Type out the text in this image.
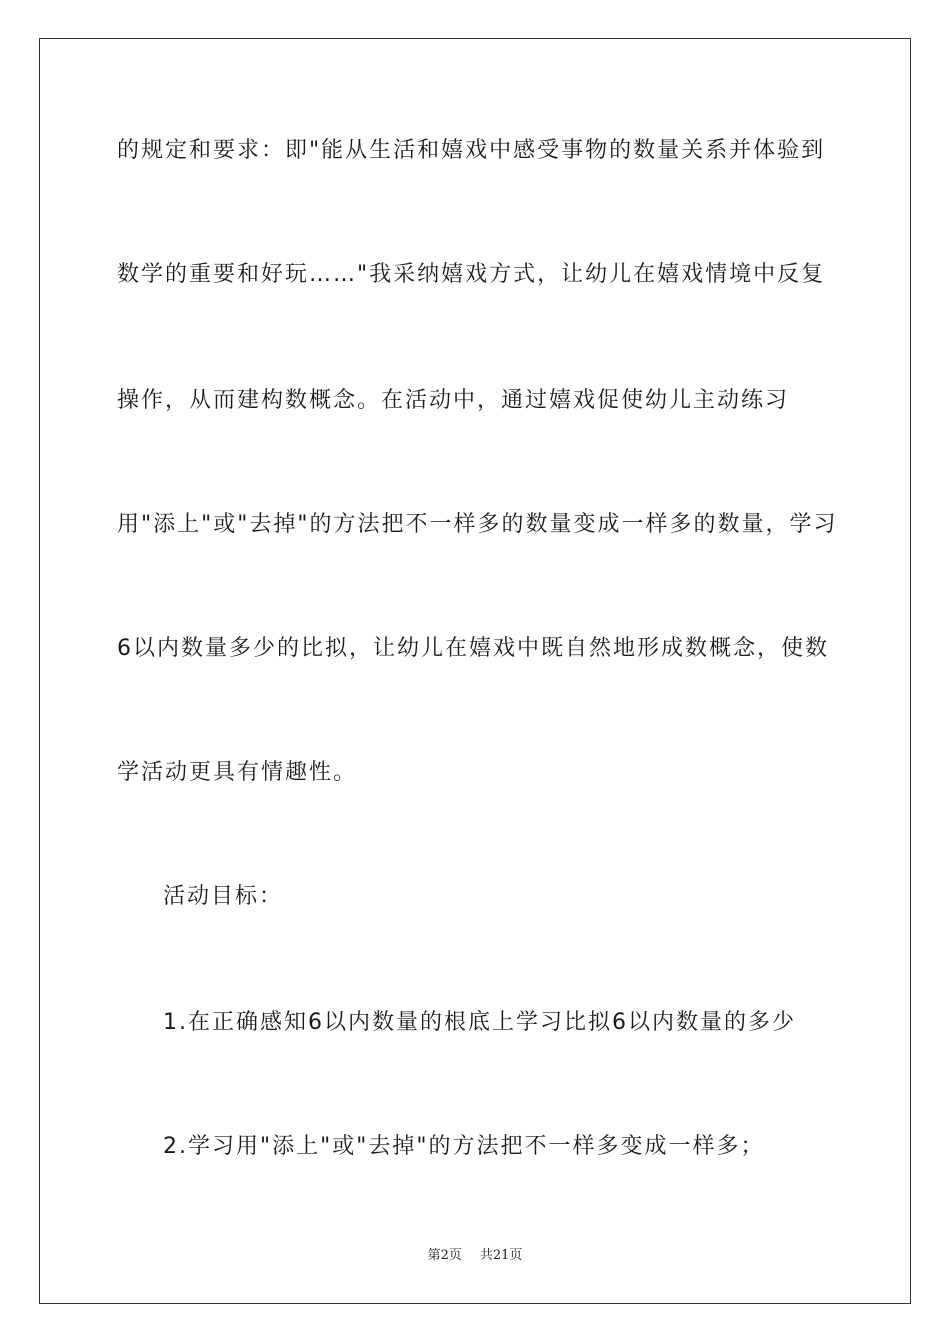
的规定和要求：即"能从生活和嬉戏中感受事物的数量关系并体验到
数学的重要和好玩……"我采纳嬉戏方式，让幼儿在嬉戏情境中反复
操作，从而建构数概念。在活动中，通过嬉戏促使幼儿主动练习
用"添上"或"去掉"的方法把不一样多的数量变成一样多的数量，学习
6以内数量多少的比拟，让幼儿在嬉戏中既自然地形成数概念，使数
学活动更具有情趣性。
活动目标：
1.在正确感知6以内数量的根底上学习比拟6以内数量的多少
2.学习用"添上"或"去掉"的方法把不一样多变成一样多；
第2页 共21页
